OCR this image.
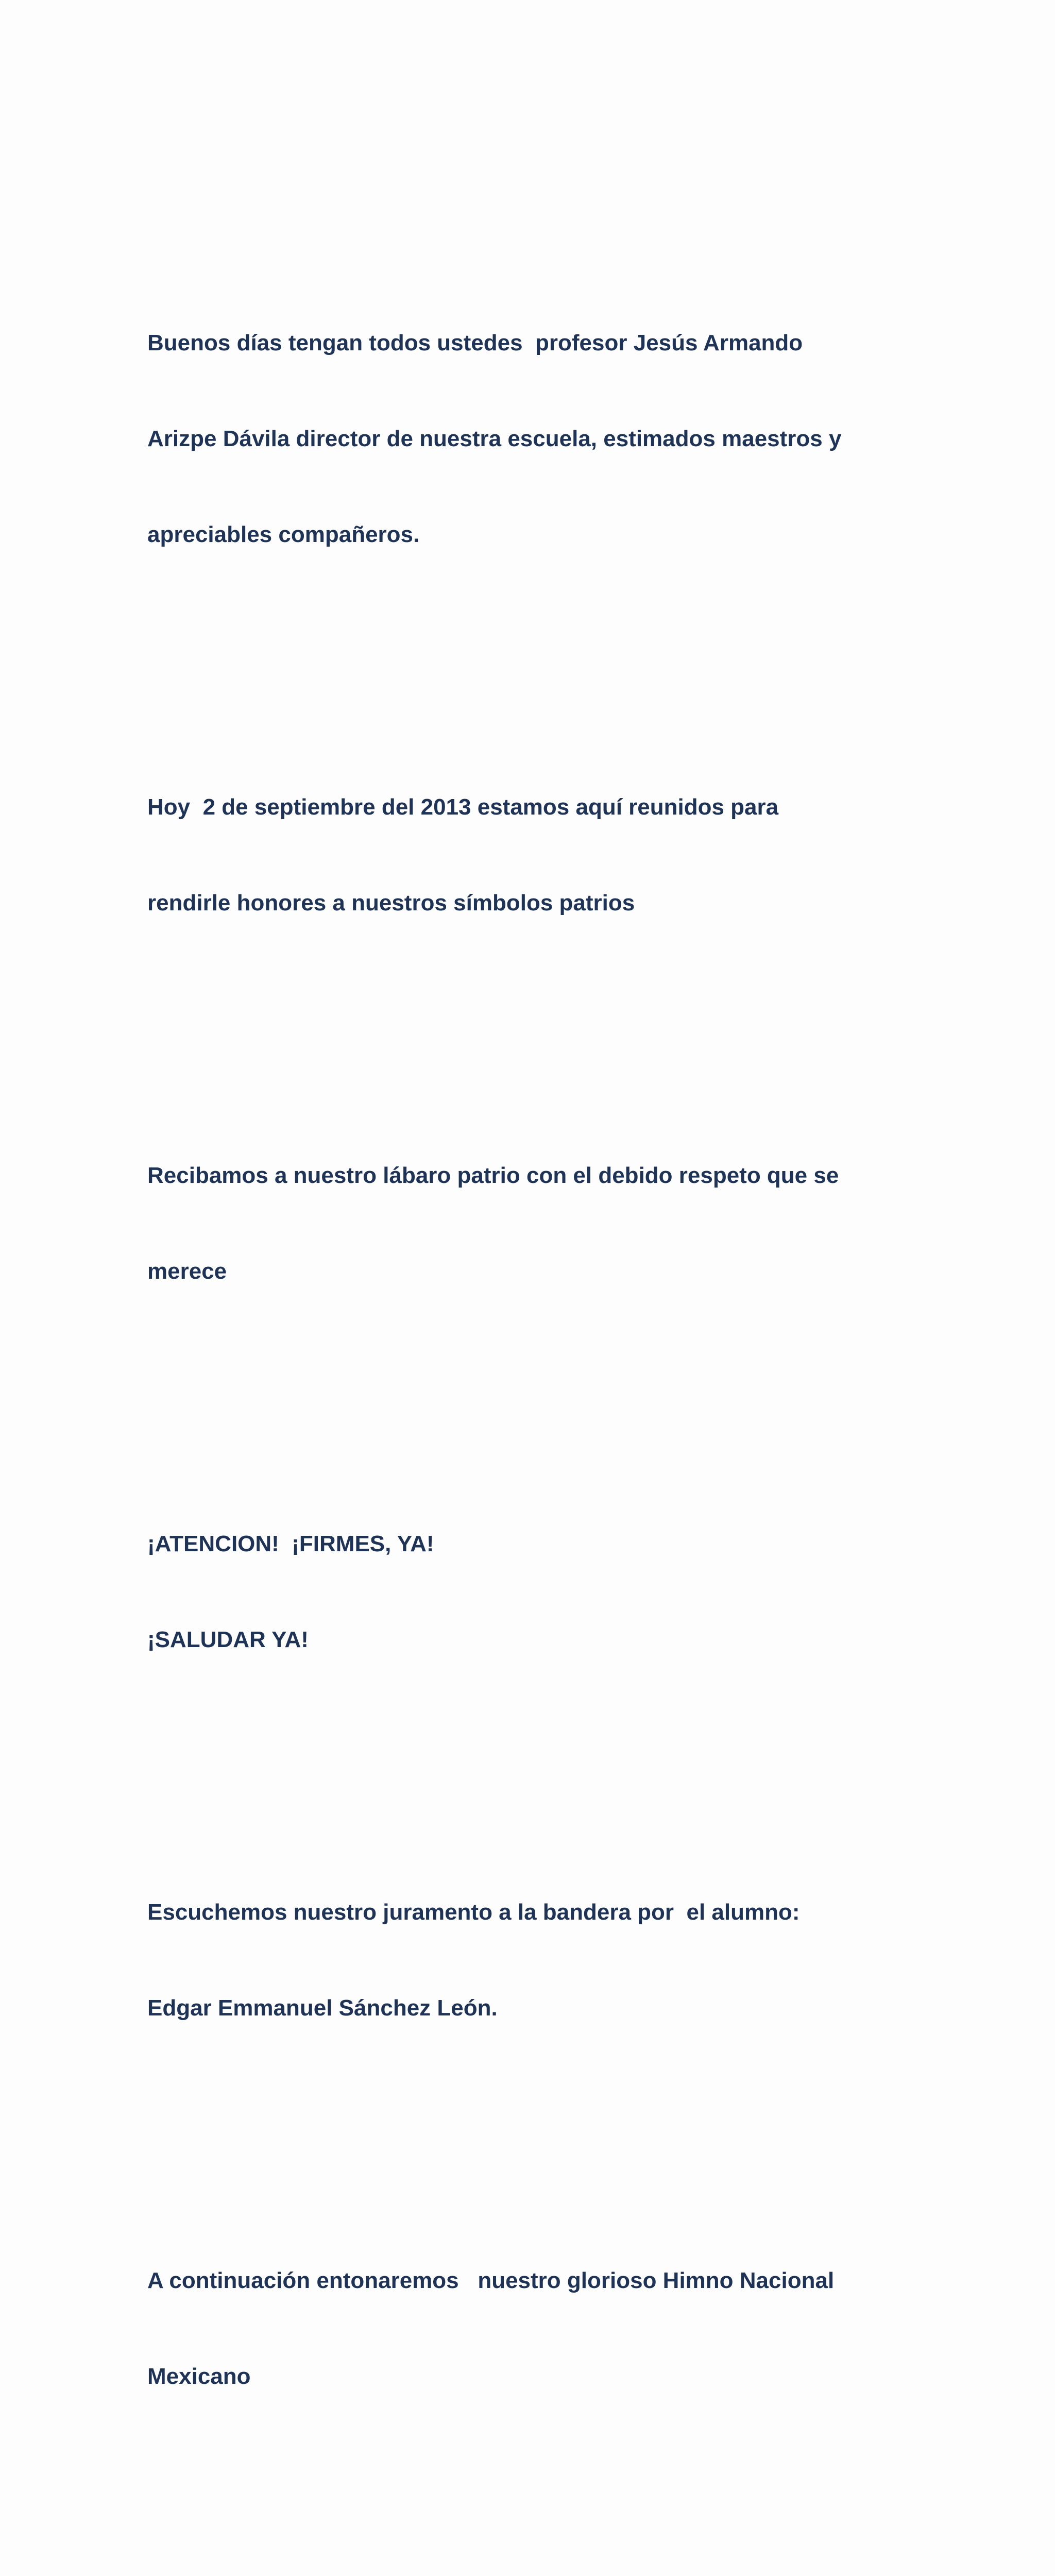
Buenos días tengan todos ustedes  profesor Jesús Armando

Arizpe Dávila director de nuestra escuela, estimados maestros y

apreciables compañeros.

Hoy  2 de septiembre del 2013 estamos aquí reunidos para

rendirle honores a nuestros símbolos patrios

Recibamos a nuestro lábaro patrio con el debido respeto que se

merece

¡ATENCION!  ¡FIRMES, YA!

¡SALUDAR YA!

Escuchemos nuestro juramento a la bandera por  el alumno:

Edgar Emmanuel Sánchez León.

A continuación entonaremos   nuestro glorioso Himno Nacional

Mexicano
